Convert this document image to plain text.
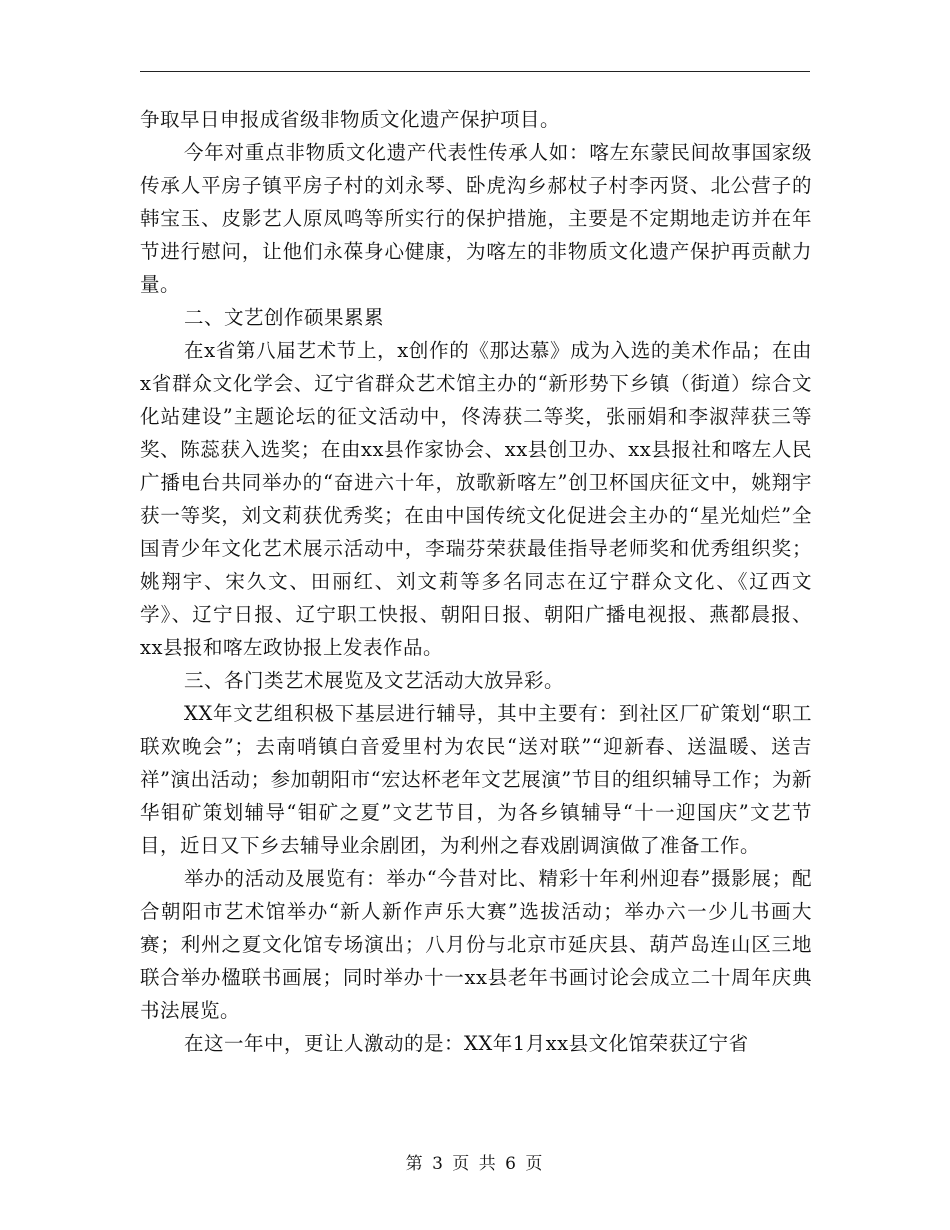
争取早日申报成省级非物质文化遗产保护项目。

今年对重点非物质文化遗产代表性传承人如：喀左东蒙民间故事国家级传承人平房子镇平房子村的刘永琴、卧虎沟乡郝杖子村李丙贤、北公营子的韩宝玉、皮影艺人原凤鸣等所实行的保护措施，主要是不定期地走访并在年节进行慰问，让他们永葆身心健康，为喀左的非物质文化遗产保护再贡献力量。

二、文艺创作硕果累累

在x省第八届艺术节上，x创作的《那达慕》成为入选的美术作品；在由x省群众文化学会、辽宁省群众艺术馆主办的“新形势下乡镇（街道）综合文化站建设”主题论坛的征文活动中，佟涛获二等奖，张丽娟和李淑萍获三等奖、陈蕊获入选奖；在由xx县作家协会、xx县创卫办、xx县报社和喀左人民广播电台共同举办的“奋进六十年，放歌新喀左”创卫杯国庆征文中，姚翔宇获一等奖，刘文莉获优秀奖；在由中国传统文化促进会主办的“星光灿烂”全国青少年文化艺术展示活动中，李瑞芬荣获最佳指导老师奖和优秀组织奖；姚翔宇、宋久文、田丽红、刘文莉等多名同志在辽宁群众文化、《辽西文学》、辽宁日报、辽宁职工快报、朝阳日报、朝阳广播电视报、燕都晨报、xx县报和喀左政协报上发表作品。

三、各门类艺术展览及文艺活动大放异彩。

XX年文艺组积极下基层进行辅导，其中主要有：到社区厂矿策划“职工联欢晚会”；去南哨镇白音爱里村为农民“送对联”“迎新春、送温暖、送吉祥”演出活动；参加朝阳市“宏达杯老年文艺展演”节目的组织辅导工作；为新华钼矿策划辅导“钼矿之夏”文艺节目，为各乡镇辅导“十一迎国庆”文艺节目，近日又下乡去辅导业余剧团，为利州之春戏剧调演做了准备工作。

举办的活动及展览有：举办“今昔对比、精彩十年利州迎春”摄影展；配合朝阳市艺术馆举办“新人新作声乐大赛”选拔活动；举办六一少儿书画大赛；利州之夏文化馆专场演出；八月份与北京市延庆县、葫芦岛连山区三地联合举办楹联书画展；同时举办十一xx县老年书画讨论会成立二十周年庆典书法展览。

在这一年中，更让人激动的是：XX年1月xx县文化馆荣获辽宁省

第 3 页 共 6 页
